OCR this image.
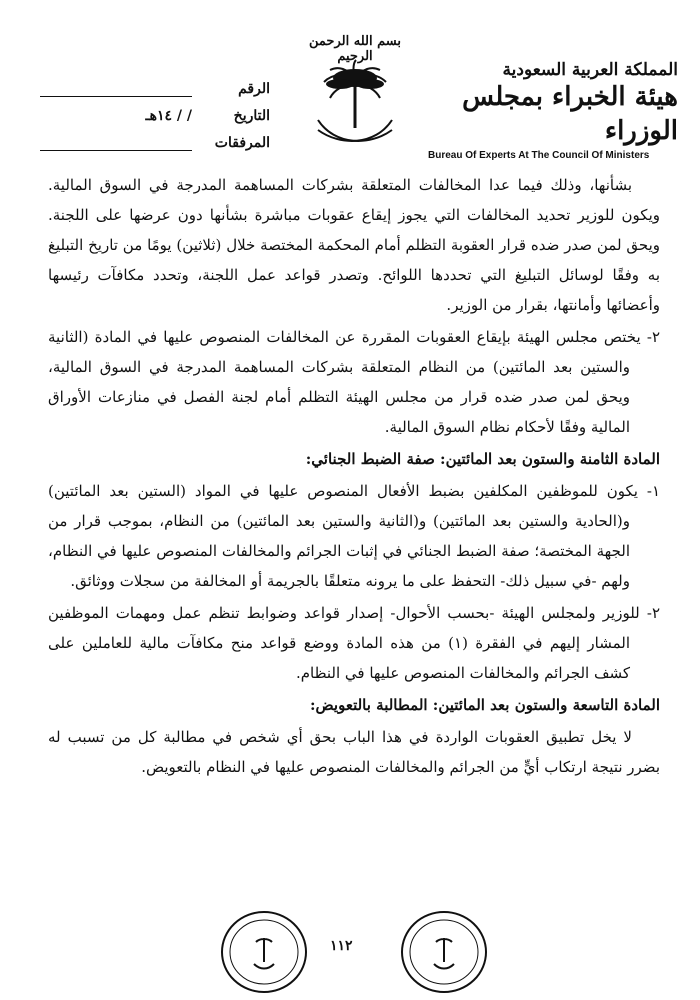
المملكة العربية السعودية
هيئة الخبراء بمجلس الوزراء
Bureau Of Experts At The Council Of Ministers
بسم الله الرحمن الرحيم
الرقم
التاريخ
/ / ١٤هـ
المرفقات

بشأنها، وذلك فيما عدا المخالفات المتعلقة بشركات المساهمة المدرجة في السوق المالية. ويكون للوزير تحديد المخالفات التي يجوز إيقاع عقوبات مباشرة بشأنها دون عرضها على اللجنة. ويحق لمن صدر ضده قرار العقوبة التظلم أمام المحكمة المختصة خلال (ثلاثين) يومًا من تاريخ التبليغ به وفقًا لوسائل التبليغ التي تحددها اللوائح. وتصدر قواعد عمل اللجنة، وتحدد مكافآت رئيسها وأعضائها وأمانتها، بقرار من الوزير.

٢- يختص مجلس الهيئة بإيقاع العقوبات المقررة عن المخالفات المنصوص عليها في المادة (الثانية والستين بعد المائتين) من النظام المتعلقة بشركات المساهمة المدرجة في السوق المالية، ويحق لمن صدر ضده قرار من مجلس الهيئة التظلم أمام لجنة الفصل في منازعات الأوراق المالية وفقًا لأحكام نظام السوق المالية.

المادة الثامنة والستون بعد المائتين: صفة الضبط الجنائي:

١- يكون للموظفين المكلفين بضبط الأفعال المنصوص عليها في المواد (الستين بعد المائتين) و(الحادية والستين بعد المائتين) و(الثانية والستين بعد المائتين) من النظام، بموجب قرار من الجهة المختصة؛ صفة الضبط الجنائي في إثبات الجرائم والمخالفات المنصوص عليها في النظام، ولهم -في سبيل ذلك- التحفظ على ما يرونه متعلقًا بالجريمة أو المخالفة من سجلات ووثائق.

٢- للوزير ولمجلس الهيئة -بحسب الأحوال- إصدار قواعد وضوابط تنظم عمل ومهمات الموظفين المشار إليهم في الفقرة (١) من هذه المادة ووضع قواعد منح مكافآت مالية للعاملين على كشف الجرائم والمخالفات المنصوص عليها في النظام.

المادة التاسعة والستون بعد المائتين: المطالبة بالتعويض:

لا يخل تطبيق العقوبات الواردة في هذا الباب بحق أي شخص في مطالبة كل من تسبب له بضرر نتيجة ارتكاب أيٍّ من الجرائم والمخالفات المنصوص عليها في النظام بالتعويض.

١١٢
